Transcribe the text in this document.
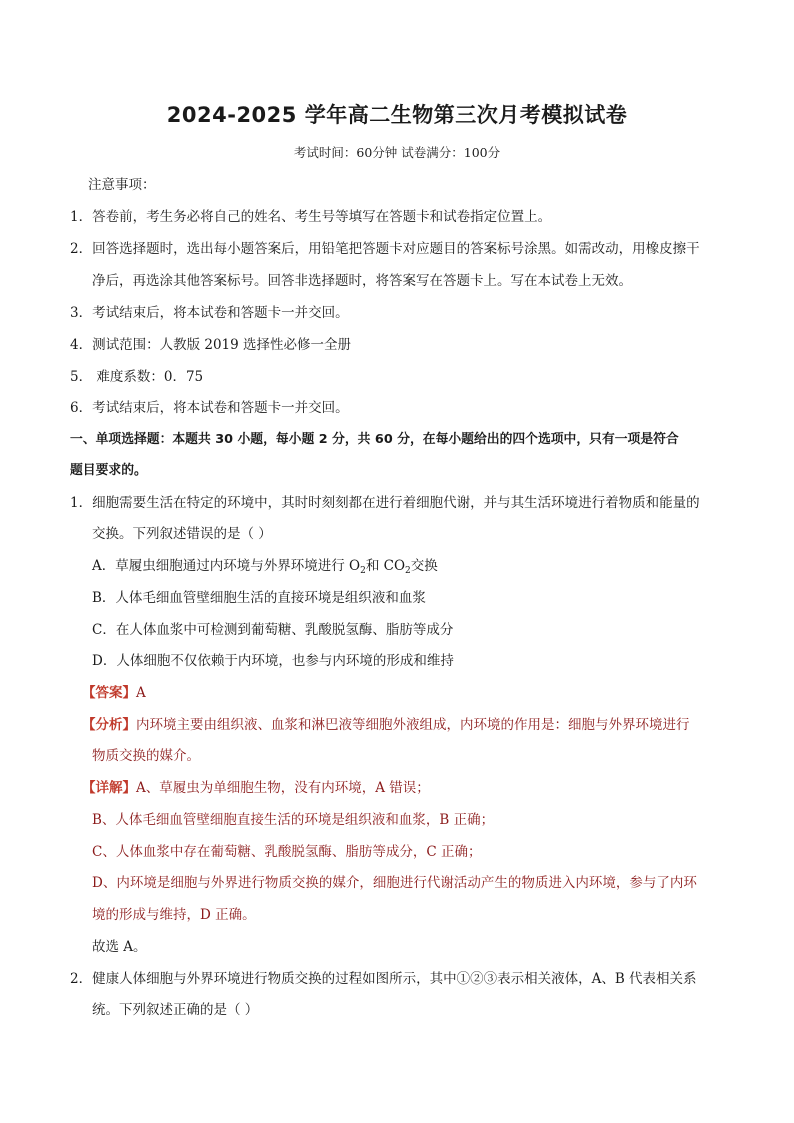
2024-2025 学年高二生物第三次月考模拟试卷
考试时间：60分钟 试卷满分：100分
注意事项：
1．答卷前，考生务必将自己的姓名、考生号等填写在答题卡和试卷指定位置上。
2．回答选择题时，选出每小题答案后，用铅笔把答题卡对应题目的答案标号涂黑。如需改动，用橡皮擦干
净后，再选涂其他答案标号。回答非选择题时，将答案写在答题卡上。写在本试卷上无效。
3．考试结束后，将本试卷和答题卡一并交回。
4．测试范围：人教版 2019 选择性必修一全册
5． 难度系数：0．75
6．考试结束后，将本试卷和答题卡一并交回。
一、单项选择题：本题共 30 小题，每小题 2 分，共 60 分，在每小题给出的四个选项中，只有一项是符合
题目要求的。
1．细胞需要生活在特定的环境中，其时时刻刻都在进行着细胞代谢，并与其生活环境进行着物质和能量的
交换。下列叙述错误的是（ ）
A．草履虫细胞通过内环境与外界环境进行 $O_2$和 $CO_2$交换
B．人体毛细血管壁细胞生活的直接环境是组织液和血浆
C．在人体血浆中可检测到葡萄糖、乳酸脱氢酶、脂肪等成分
D．人体细胞不仅依赖于内环境，也参与内环境的形成和维持
【答案】A
【分析】内环境主要由组织液、血浆和淋巴液等细胞外液组成，内环境的作用是：细胞与外界环境进行
物质交换的媒介。
【详解】A、草履虫为单细胞生物，没有内环境，A 错误；
B、人体毛细血管壁细胞直接生活的环境是组织液和血浆，B 正确；
C、人体血浆中存在葡萄糖、乳酸脱氢酶、脂肪等成分，C 正确；
D、内环境是细胞与外界进行物质交换的媒介，细胞进行代谢活动产生的物质进入内环境，参与了内环
境的形成与维持，D 正确。
故选 A。
2．健康人体细胞与外界环境进行物质交换的过程如图所示，其中①②③表示相关液体，A、B 代表相关系
统。下列叙述正确的是（ ）
